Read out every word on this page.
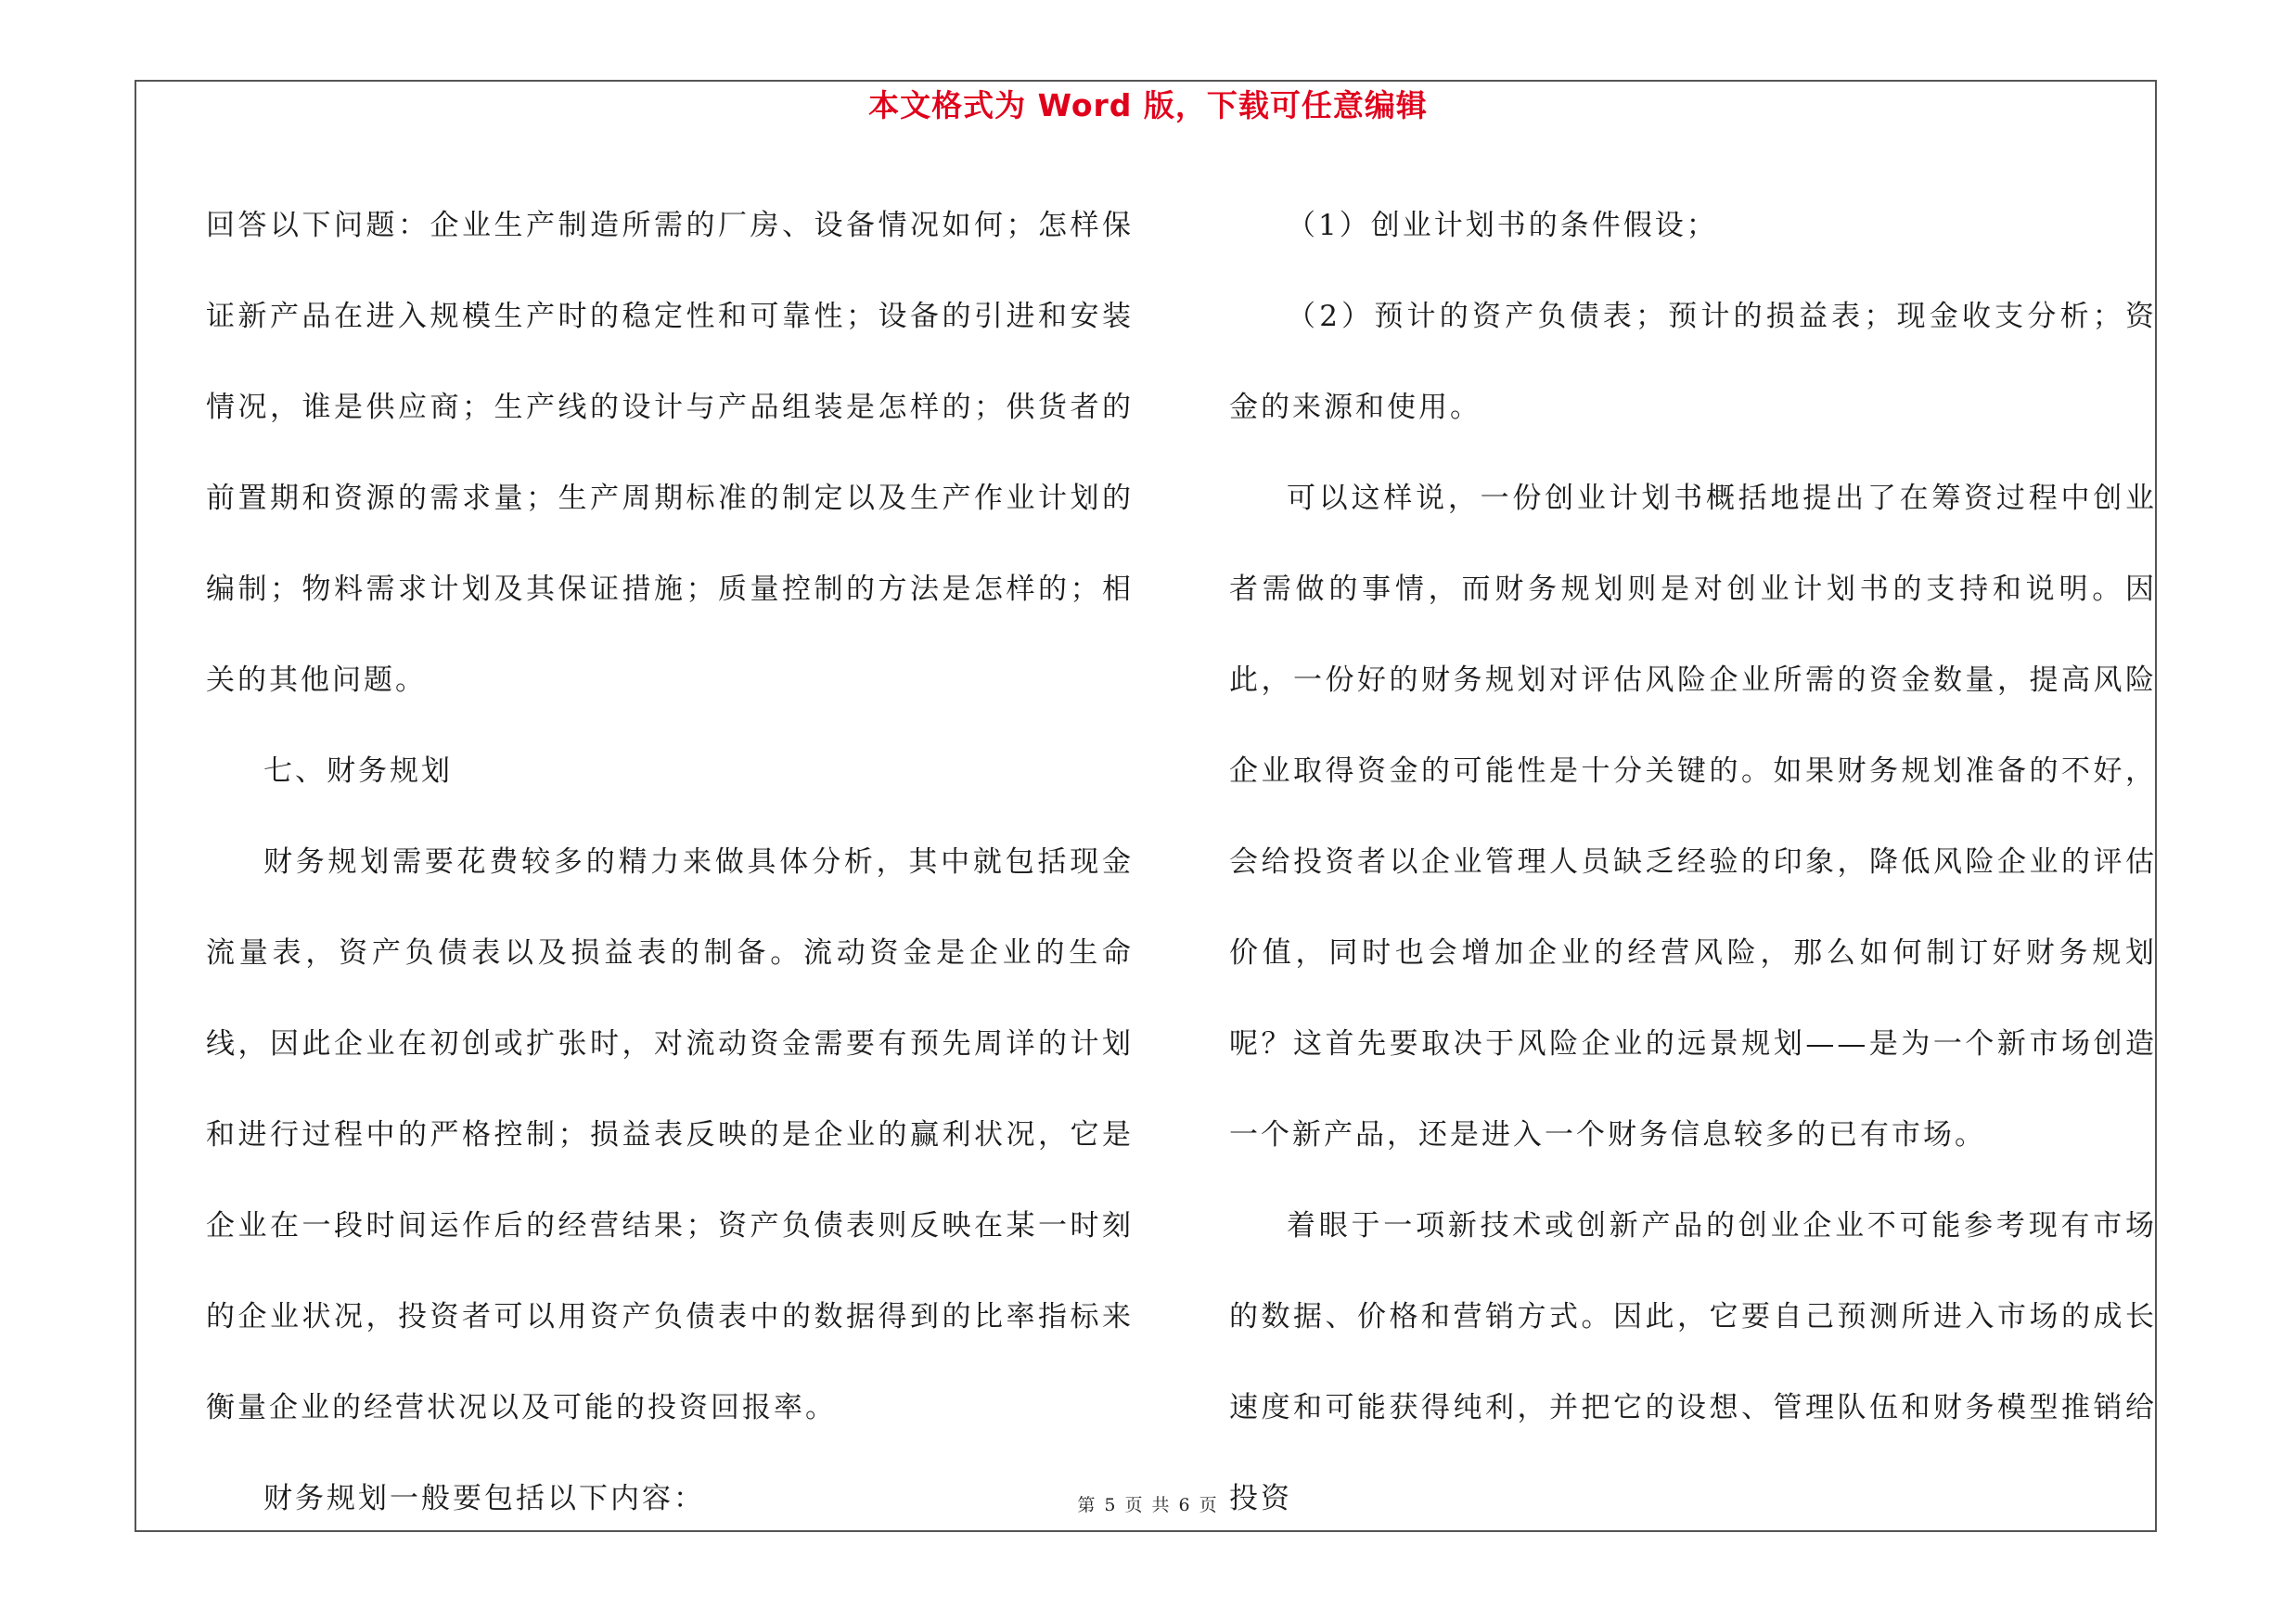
本文格式为 Word 版，下载可任意编辑

回答以下问题：企业生产制造所需的厂房、设备情况如何；怎样保证新产品在进入规模生产时的稳定性和可靠性；设备的引进和安装情况，谁是供应商；生产线的设计与产品组装是怎样的；供货者的前置期和资源的需求量；生产周期标准的制定以及生产作业计划的编制；物料需求计划及其保证措施；质量控制的方法是怎样的；相关的其他问题。

七、财务规划

财务规划需要花费较多的精力来做具体分析，其中就包括现金流量表，资产负债表以及损益表的制备。流动资金是企业的生命线，因此企业在初创或扩张时，对流动资金需要有预先周详的计划和进行过程中的严格控制；损益表反映的是企业的赢利状况，它是企业在一段时间运作后的经营结果；资产负债表则反映在某一时刻的企业状况，投资者可以用资产负债表中的数据得到的比率指标来衡量企业的经营状况以及可能的投资回报率。

财务规划一般要包括以下内容：

（1）创业计划书的条件假设；

（2）预计的资产负债表；预计的损益表；现金收支分析；资金的来源和使用。

可以这样说，一份创业计划书概括地提出了在筹资过程中创业者需做的事情，而财务规划则是对创业计划书的支持和说明。因此，一份好的财务规划对评估风险企业所需的资金数量，提高风险企业取得资金的可能性是十分关键的。如果财务规划准备的不好，会给投资者以企业管理人员缺乏经验的印象，降低风险企业的评估价值，同时也会增加企业的经营风险，那么如何制订好财务规划呢？这首先要取决于风险企业的远景规划——是为一个新市场创造一个新产品，还是进入一个财务信息较多的已有市场。

着眼于一项新技术或创新产品的创业企业不可能参考现有市场的数据、价格和营销方式。因此，它要自己预测所进入市场的成长速度和可能获得纯利，并把它的设想、管理队伍和财务模型推销给投资

第 5 页 共 6 页
